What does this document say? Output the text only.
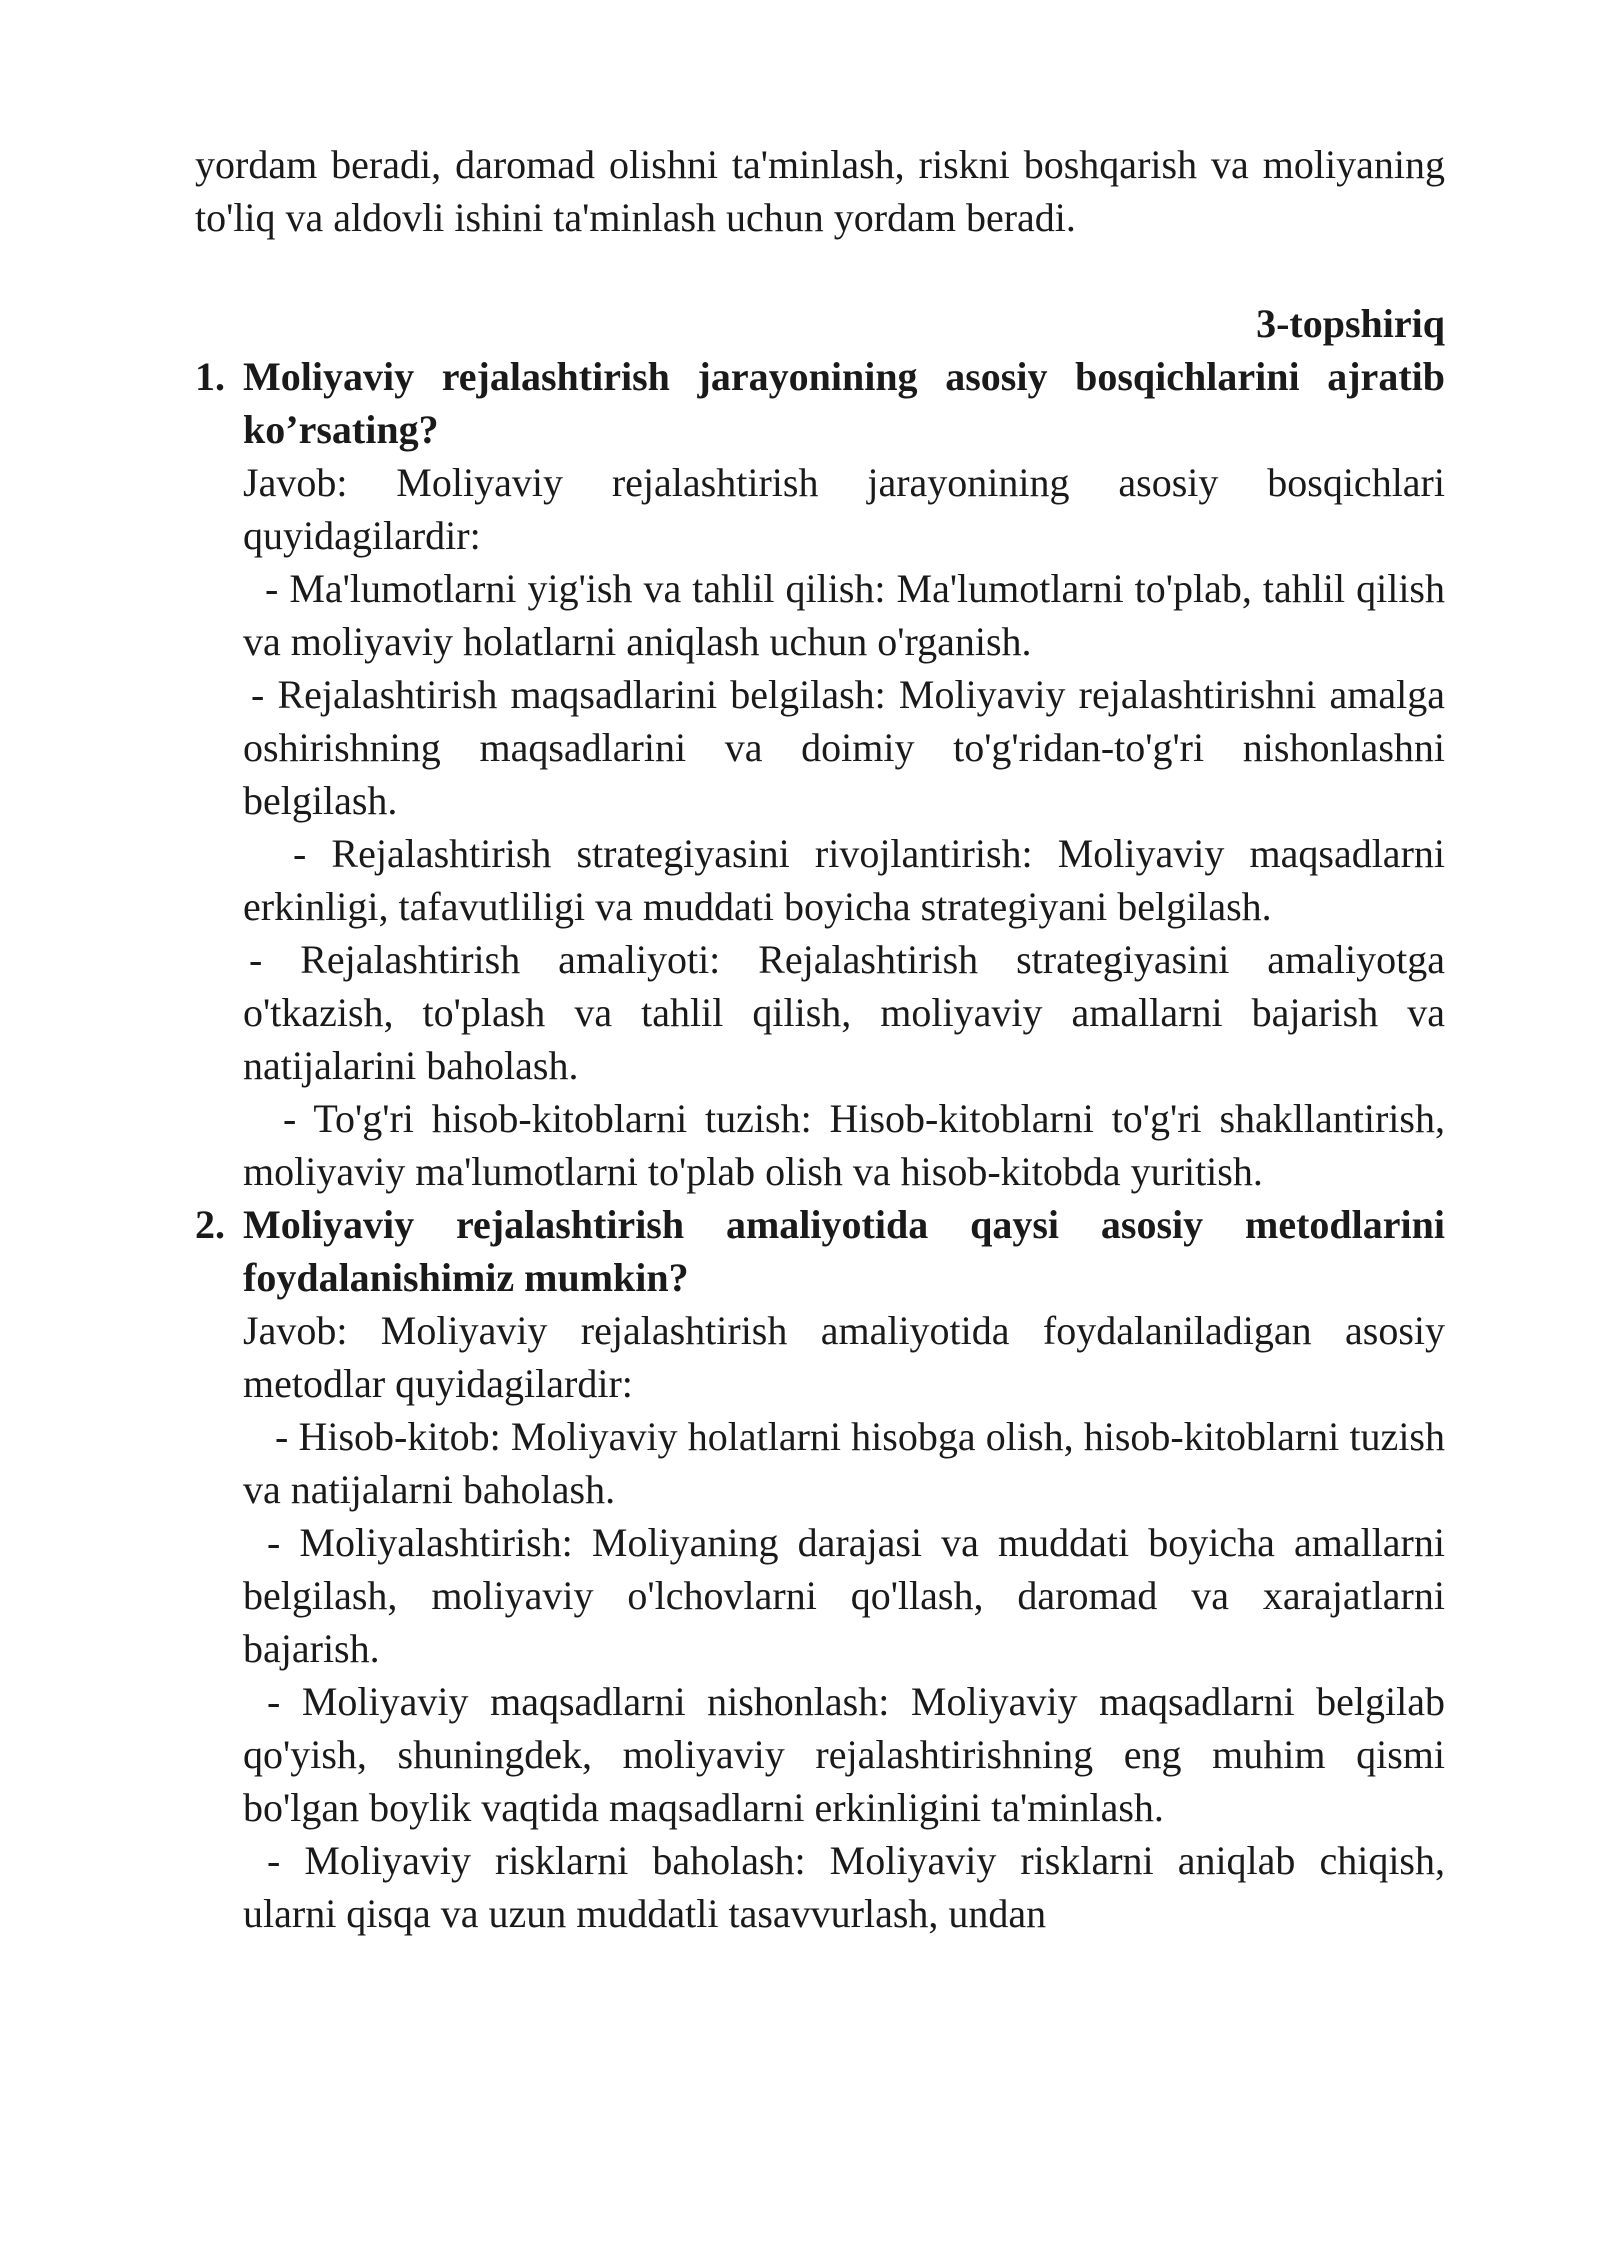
yordam beradi, daromad olishni ta'minlash, riskni boshqarish va moliyaning to'liq va aldovli ishini ta'minlash uchun yordam beradi.

3-topshiriq
1. Moliyaviy rejalashtirish jarayonining asosiy bosqichlarini ajratib ko’rsating?
Javob: Moliyaviy rejalashtirish jarayonining asosiy bosqichlari quyidagilardir:
- Ma'lumotlarni yig'ish va tahlil qilish: Ma'lumotlarni to'plab, tahlil qilish va moliyaviy holatlarni aniqlash uchun o'rganish.
- Rejalashtirish maqsadlarini belgilash: Moliyaviy rejalashtirishni amalga oshirishning maqsadlarini va doimiy to'g'ridan-to'g'ri nishonlashni belgilash.
- Rejalashtirish strategiyasini rivojlantirish: Moliyaviy maqsadlarni erkinligi, tafavutliligi va muddati boyicha strategiyani belgilash.
- Rejalashtirish amaliyoti: Rejalashtirish strategiyasini amaliyotga o'tkazish, to'plash va tahlil qilish, moliyaviy amallarni bajarish va natijalarini baholash.
- To'g'ri hisob-kitoblarni tuzish: Hisob-kitoblarni to'g'ri shakllantirish, moliyaviy ma'lumotlarni to'plab olish va hisob-kitobda yuritish.
2. Moliyaviy rejalashtirish amaliyotida qaysi asosiy metodlarini foydalanishimiz mumkin?
Javob: Moliyaviy rejalashtirish amaliyotida foydalaniladigan asosiy metodlar quyidagilardir:
- Hisob-kitob: Moliyaviy holatlarni hisobga olish, hisob-kitoblarni tuzish va natijalarni baholash.
- Moliyalashtirish: Moliyaning darajasi va muddati boyicha amallarni belgilash, moliyaviy o'lchovlarni qo'llash, daromad va xarajatlarni bajarish.
- Moliyaviy maqsadlarni nishonlash: Moliyaviy maqsadlarni belgilab qo'yish, shuningdek, moliyaviy rejalashtirishning eng muhim qismi bo'lgan boylik vaqtida maqsadlarni erkinligini ta'minlash.
- Moliyaviy risklarni baholash: Moliyaviy risklarni aniqlab chiqish, ularni qisqa va uzun muddatli tasavvurlash, undan
